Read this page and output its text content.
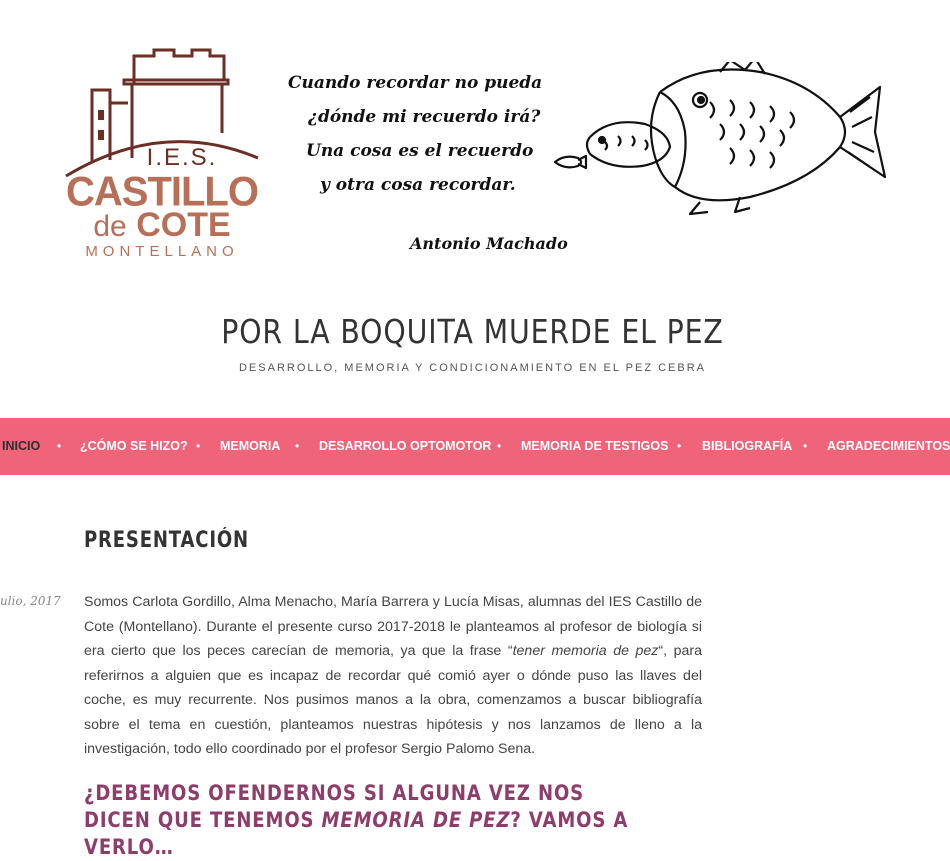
I.E.S.
CASTILLO
de COTE
MONTELLANO
Cuando recordar no pueda
¿dónde mi recuerdo irá?
Una cosa es el recuerdo
y otra cosa recordar.
Antonio Machado
POR LA BOQUITA MUERDE EL PEZ
DESARROLLO, MEMORIA Y CONDICIONAMIENTO EN EL PEZ CEBRA
INICIO • ¿CÓMO SE HIZO? • MEMORIA • DESARROLLO OPTOMOTOR • MEMORIA DE TESTIGOS • BIBLIOGRAFÍA • AGRADECIMIENTOS
PRESENTACIÓN
ulio, 2017 Somos Carlota Gordillo, Alma Menacho, María Barrera y Lucía Misas, alumnas del IES Castillo de Cote (Montellano). Durante el presente curso 2017-2018 le planteamos al profesor de biología si era cierto que los peces carecían de memoria, ya que la frase “tener memoria de pez“, para referirnos a alguien que es incapaz de recordar qué comió ayer o dónde puso las llaves del coche, es muy recurrente. Nos pusimos manos a la obra, comenzamos a buscar bibliografía sobre el tema en cuestión, planteamos nuestras hipótesis y nos lanzamos de lleno a la investigación, todo ello coordinado por el profesor Sergio Palomo Sena.

¿DEBEMOS OFENDERNOS SI ALGUNA VEZ NOS DICEN QUE TENEMOS MEMORIA DE PEZ? VAMOS A VERLO…
